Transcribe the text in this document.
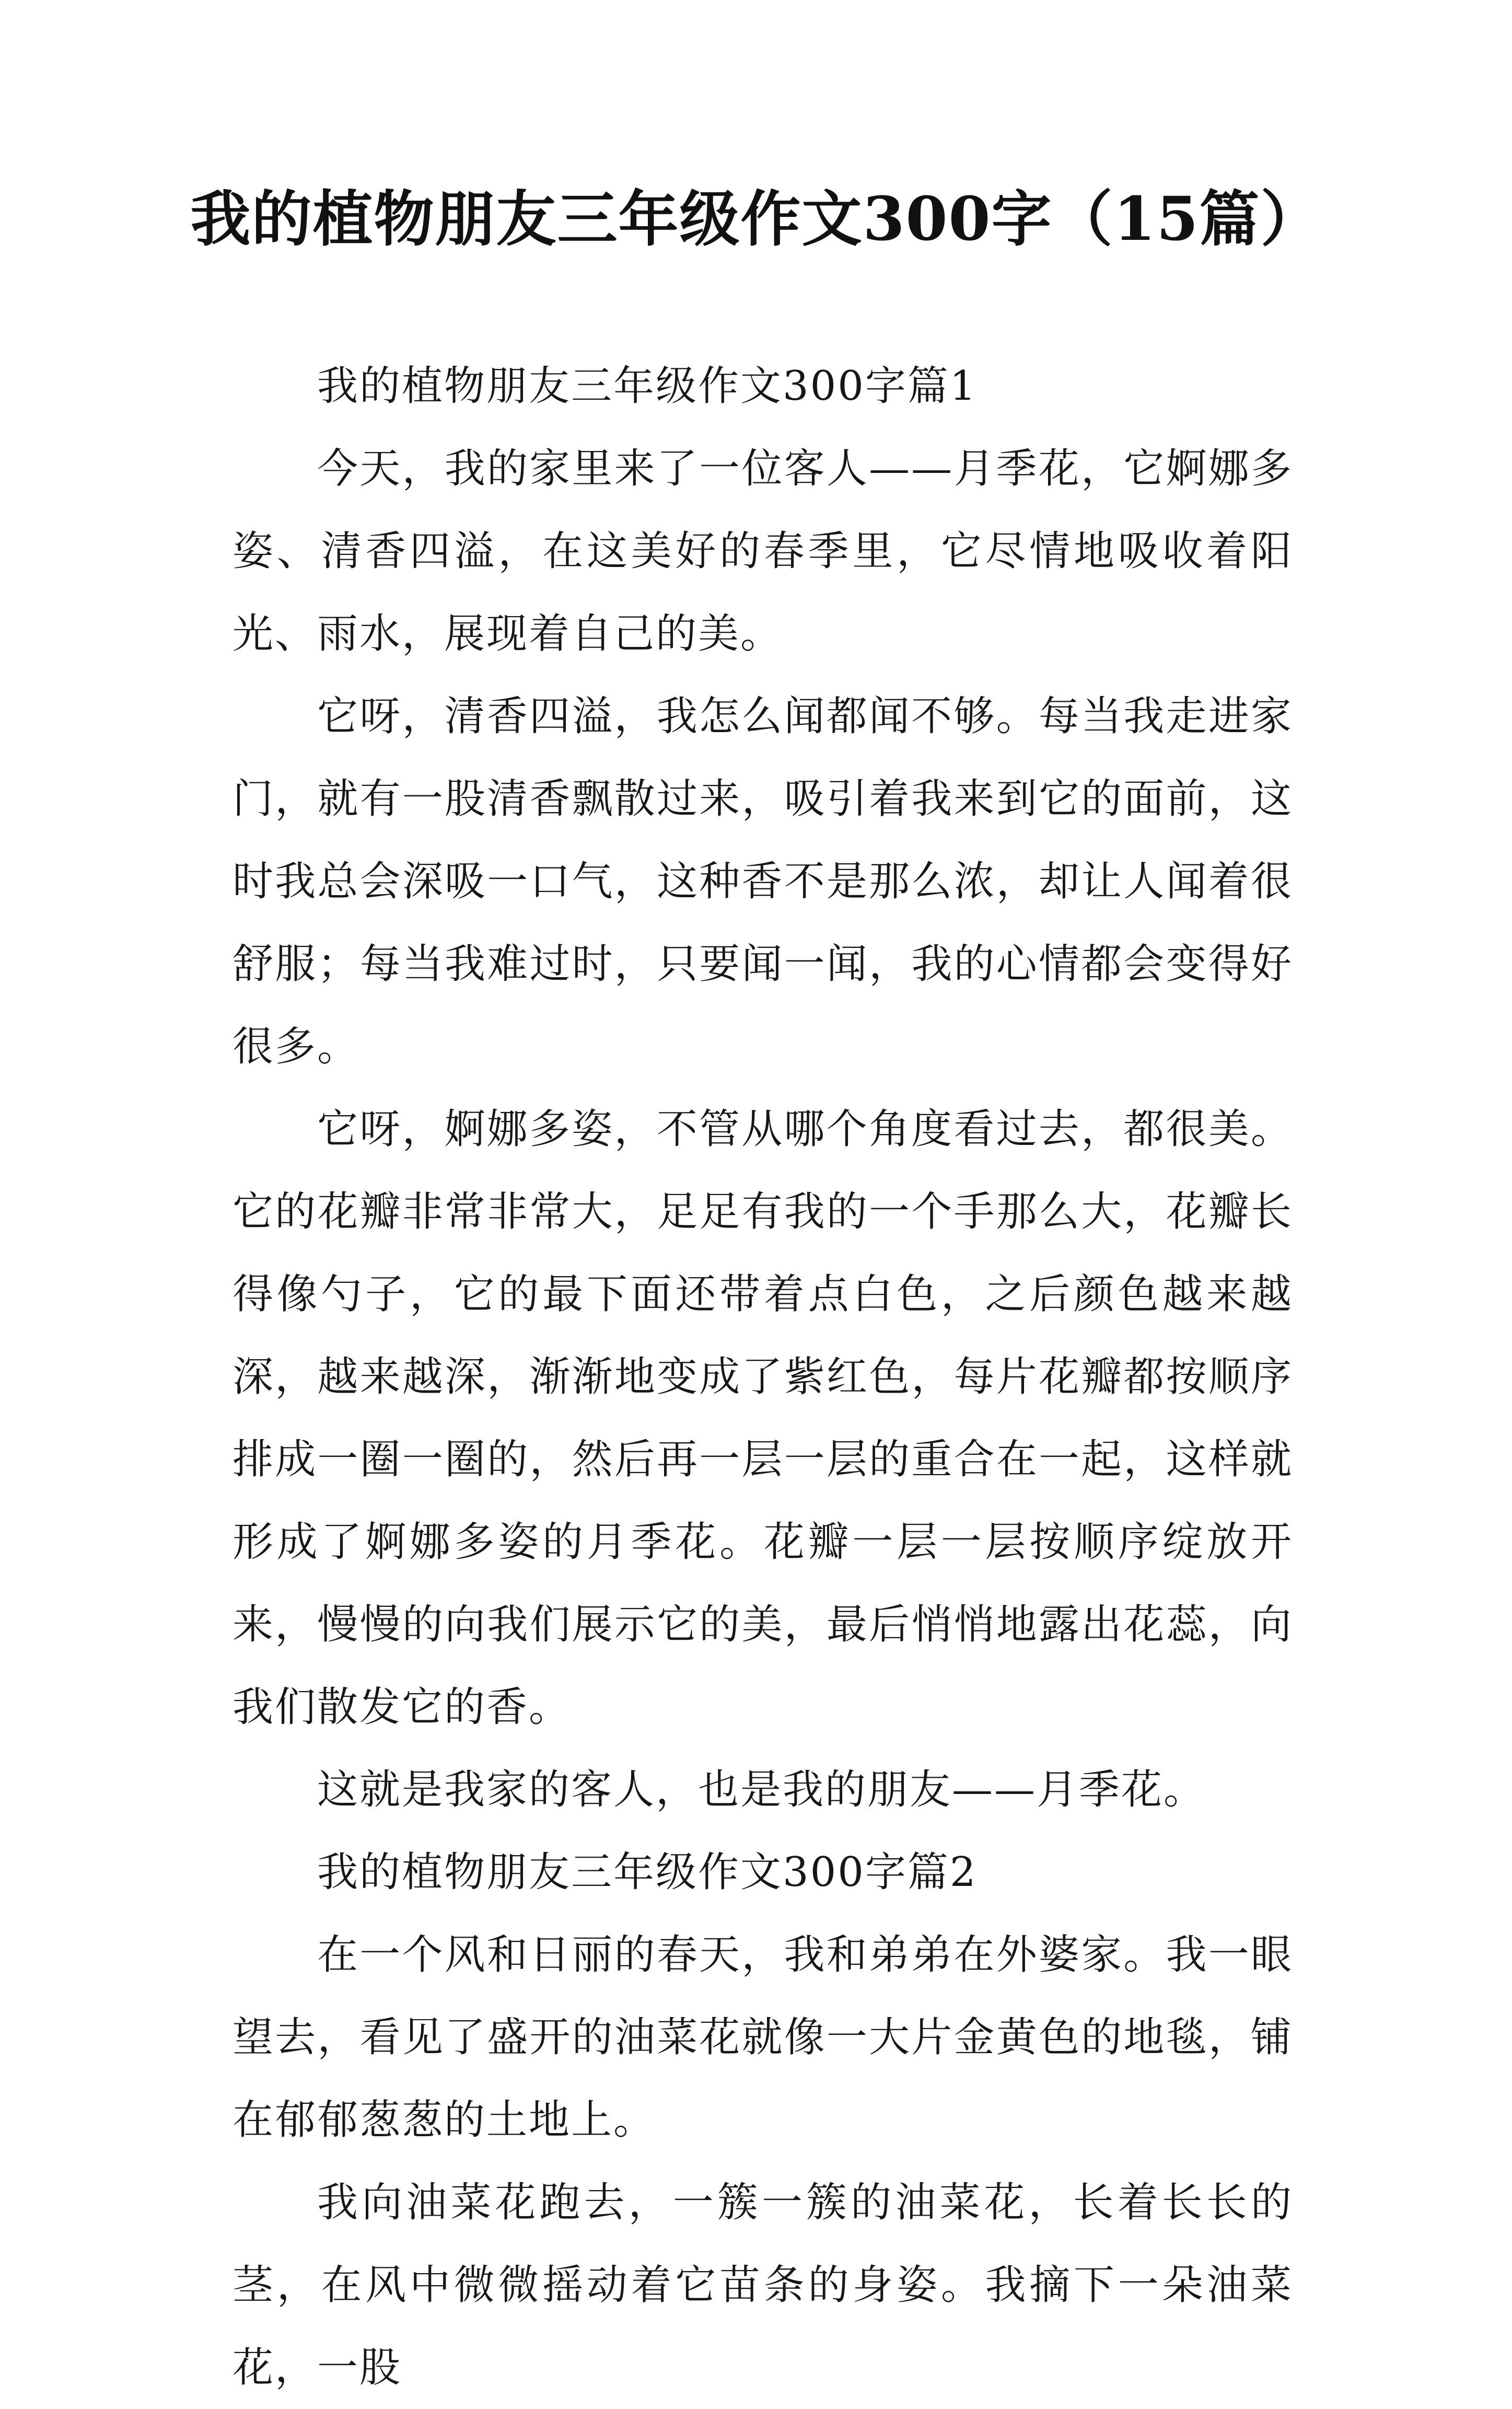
我的植物朋友三年级作文300字（15篇）

我的植物朋友三年级作文300字篇1

今天，我的家里来了一位客人——月季花，它婀娜多姿、清香四溢，在这美好的春季里，它尽情地吸收着阳光、雨水，展现着自己的美。

它呀，清香四溢，我怎么闻都闻不够。每当我走进家门，就有一股清香飘散过来，吸引着我来到它的面前，这时我总会深吸一口气，这种香不是那么浓，却让人闻着很舒服；每当我难过时，只要闻一闻，我的心情都会变得好很多。

它呀，婀娜多姿，不管从哪个角度看过去，都很美。它的花瓣非常非常大，足足有我的一个手那么大，花瓣长得像勺子，它的最下面还带着点白色，之后颜色越来越深，越来越深，渐渐地变成了紫红色，每片花瓣都按顺序排成一圈一圈的，然后再一层一层的重合在一起，这样就形成了婀娜多姿的月季花。花瓣一层一层按顺序绽放开来，慢慢的向我们展示它的美，最后悄悄地露出花蕊，向我们散发它的香。

这就是我家的客人，也是我的朋友——月季花。

我的植物朋友三年级作文300字篇2

在一个风和日丽的春天，我和弟弟在外婆家。我一眼望去，看见了盛开的油菜花就像一大片金黄色的地毯，铺在郁郁葱葱的土地上。

我向油菜花跑去，一簇一簇的油菜花，长着长长的茎，在风中微微摇动着它苗条的身姿。我摘下一朵油菜花，一股
